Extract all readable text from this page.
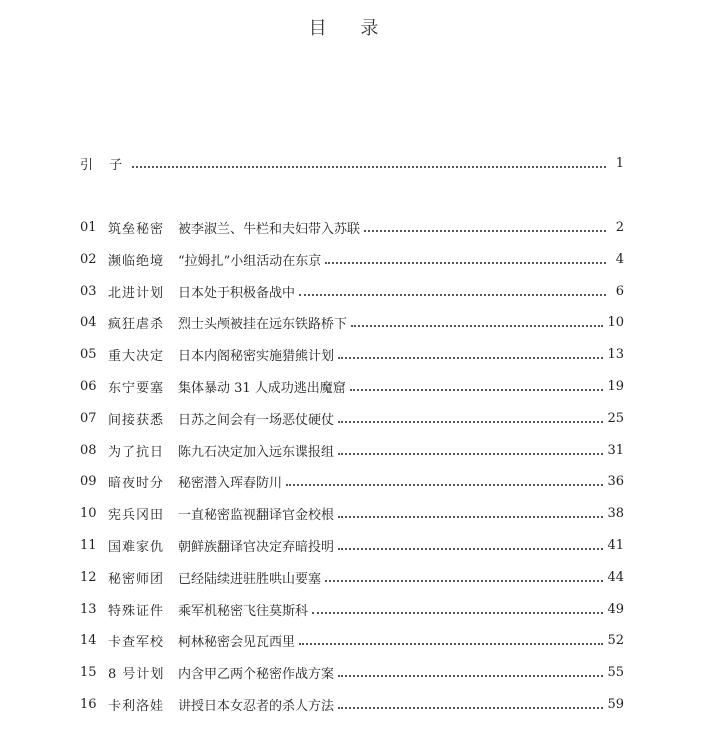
目 录
引 子	1
01 筑垒秘密	被李淑兰、牛栏和夫妇带入苏联	2
02 濒临绝境	“拉姆扎”小组活动在东京	4
03 北进计划	日本处于积极备战中	6
04 疯狂虐杀	烈士头颅被挂在远东铁路桥下	10
05 重大决定	日本内阁秘密实施猎熊计划	13
06 东宁要塞	集体暴动 31 人成功逃出魔窟	19
07 间接获悉	日苏之间会有一场恶仗硬仗	25
08 为了抗日	陈九石决定加入远东谍报组	31
09 暗夜时分	秘密潜入珲春防川	36
10 宪兵冈田	一直秘密监视翻译官金校根	38
11 国难家仇	朝鲜族翻译官决定弃暗投明	41
12 秘密师团	已经陆续进驻胜哄山要塞	44
13 特殊证件	乘军机秘密飞往莫斯科	49
14 卡查军校	柯林秘密会见瓦西里	52
15 8 号计划	内含甲乙两个秘密作战方案	55
16 卡利洛娃	讲授日本女忍者的杀人方法	59
